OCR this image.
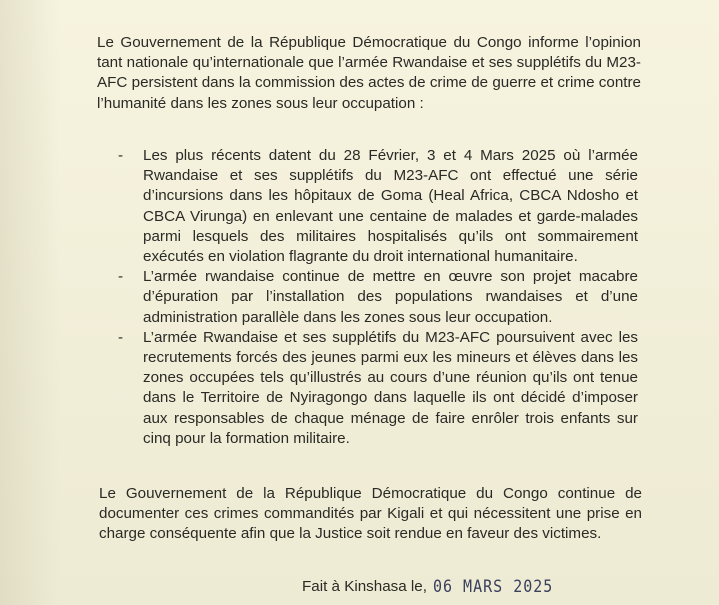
Le Gouvernement de la République Démocratique du Congo informe l’opinion tant nationale qu’internationale que l’armée Rwandaise et ses supplétifs du M23-AFC persistent dans la commission des actes de crime de guerre et crime contre l’humanité dans les zones sous leur occupation :

- Les plus récents datent du 28 Février, 3 et 4 Mars 2025 où l’armée Rwandaise et ses supplétifs du M23-AFC ont effectué une série d’incursions dans les hôpitaux de Goma (Heal Africa, CBCA Ndosho et CBCA Virunga) en enlevant une centaine de malades et garde-malades parmi lesquels des militaires hospitalisés qu’ils ont sommairement exécutés en violation flagrante du droit international humanitaire.
- L’armée rwandaise continue de mettre en œuvre son projet macabre d’épuration par l’installation des populations rwandaises et d’une administration parallèle dans les zones sous leur occupation.
- L’armée Rwandaise et ses supplétifs du M23-AFC poursuivent avec les recrutements forcés des jeunes parmi eux les mineurs et élèves dans les zones occupées tels qu’illustrés au cours d’une réunion qu’ils ont tenue dans le Territoire de Nyiragongo dans laquelle ils ont décidé d’imposer aux responsables de chaque ménage de faire enrôler trois enfants sur cinq pour la formation militaire.

Le Gouvernement de la République Démocratique du Congo continue de documenter ces crimes commandités par Kigali et qui nécessitent une prise en charge conséquente afin que la Justice soit rendue en faveur des victimes.

Fait à Kinshasa le, 06 MARS 2025
